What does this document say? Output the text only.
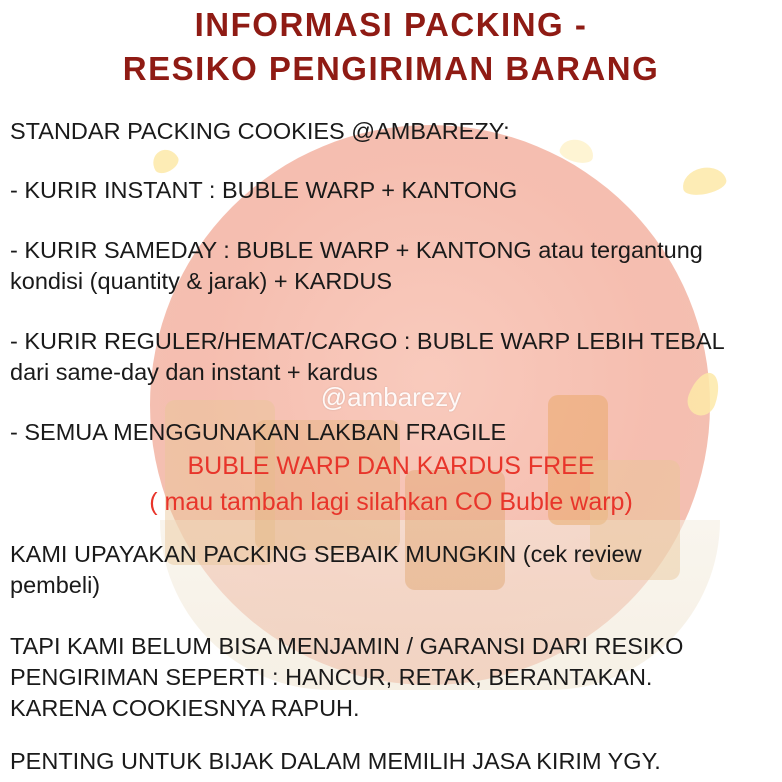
@ambarezy
INFORMASI PACKING -
RESIKO PENGIRIMAN BARANG
STANDAR PACKING COOKIES @AMBAREZY:
- KURIR INSTANT : BUBLE WARP + KANTONG
- KURIR SAMEDAY : BUBLE WARP + KANTONG atau tergantung
kondisi (quantity & jarak) + KARDUS
- KURIR REGULER/HEMAT/CARGO : BUBLE WARP LEBIH TEBAL
dari same-day dan instant + kardus
- SEMUA MENGGUNAKAN LAKBAN FRAGILE
BUBLE WARP DAN KARDUS FREE
( mau tambah lagi silahkan CO Buble warp)
KAMI UPAYAKAN PACKING SEBAIK MUNGKIN (cek review
pembeli)
TAPI KAMI BELUM BISA MENJAMIN / GARANSI DARI RESIKO
PENGIRIMAN SEPERTI : HANCUR, RETAK, BERANTAKAN.
KARENA COOKIESNYA RAPUH.
PENTING UNTUK BIJAK DALAM MEMILIH JASA KIRIM YGY.
